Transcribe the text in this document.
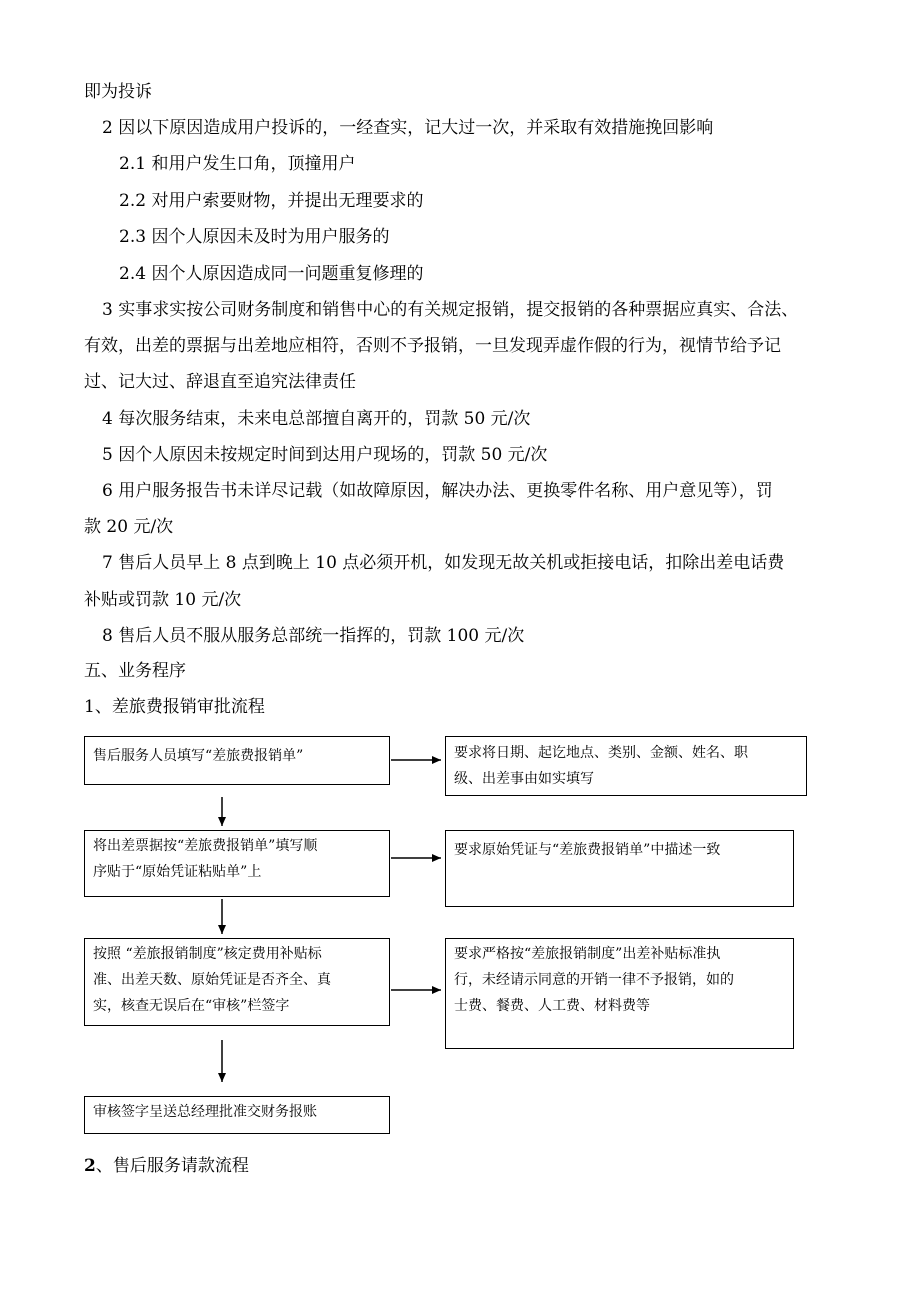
即为投诉
2 因以下原因造成用户投诉的，一经查实，记大过一次，并采取有效措施挽回影响
2.1 和用户发生口角，顶撞用户
2.2 对用户索要财物，并提出无理要求的
2.3 因个人原因未及时为用户服务的
2.4 因个人原因造成同一问题重复修理的
3 实事求实按公司财务制度和销售中心的有关规定报销，提交报销的各种票据应真实、合法、
有效，出差的票据与出差地应相符，否则不予报销，一旦发现弄虚作假的行为，视情节给予记
过、记大过、辞退直至追究法律责任
4 每次服务结束，未来电总部擅自离开的，罚款 50 元/次
5 因个人原因未按规定时间到达用户现场的，罚款 50 元/次
6 用户服务报告书未详尽记载（如故障原因，解决办法、更换零件名称、用户意见等），罚
款 20 元/次
7 售后人员早上 8 点到晚上 10 点必须开机，如发现无故关机或拒接电话，扣除出差电话费
补贴或罚款 10 元/次
8 售后人员不服从服务总部统一指挥的，罚款 100 元/次
五、业务程序
1、差旅费报销审批流程
售后服务人员填写“差旅费报销单”
将出差票据按“差旅费报销单”填写顺
序贴于“原始凭证粘贴单”上
按照 “差旅报销制度”核定费用补贴标
准、出差天数、原始凭证是否齐全、真
实，核查无误后在“审核”栏签字
审核签字呈送总经理批准交财务报账
要求将日期、起讫地点、类别、金额、姓名、职
级、出差事由如实填写
要求原始凭证与“差旅费报销单”中描述一致
要求严格按“差旅报销制度”出差补贴标准执
行，未经请示同意的开销一律不予报销，如的
士费、餐费、人工费、材料费等
2、售后服务请款流程
